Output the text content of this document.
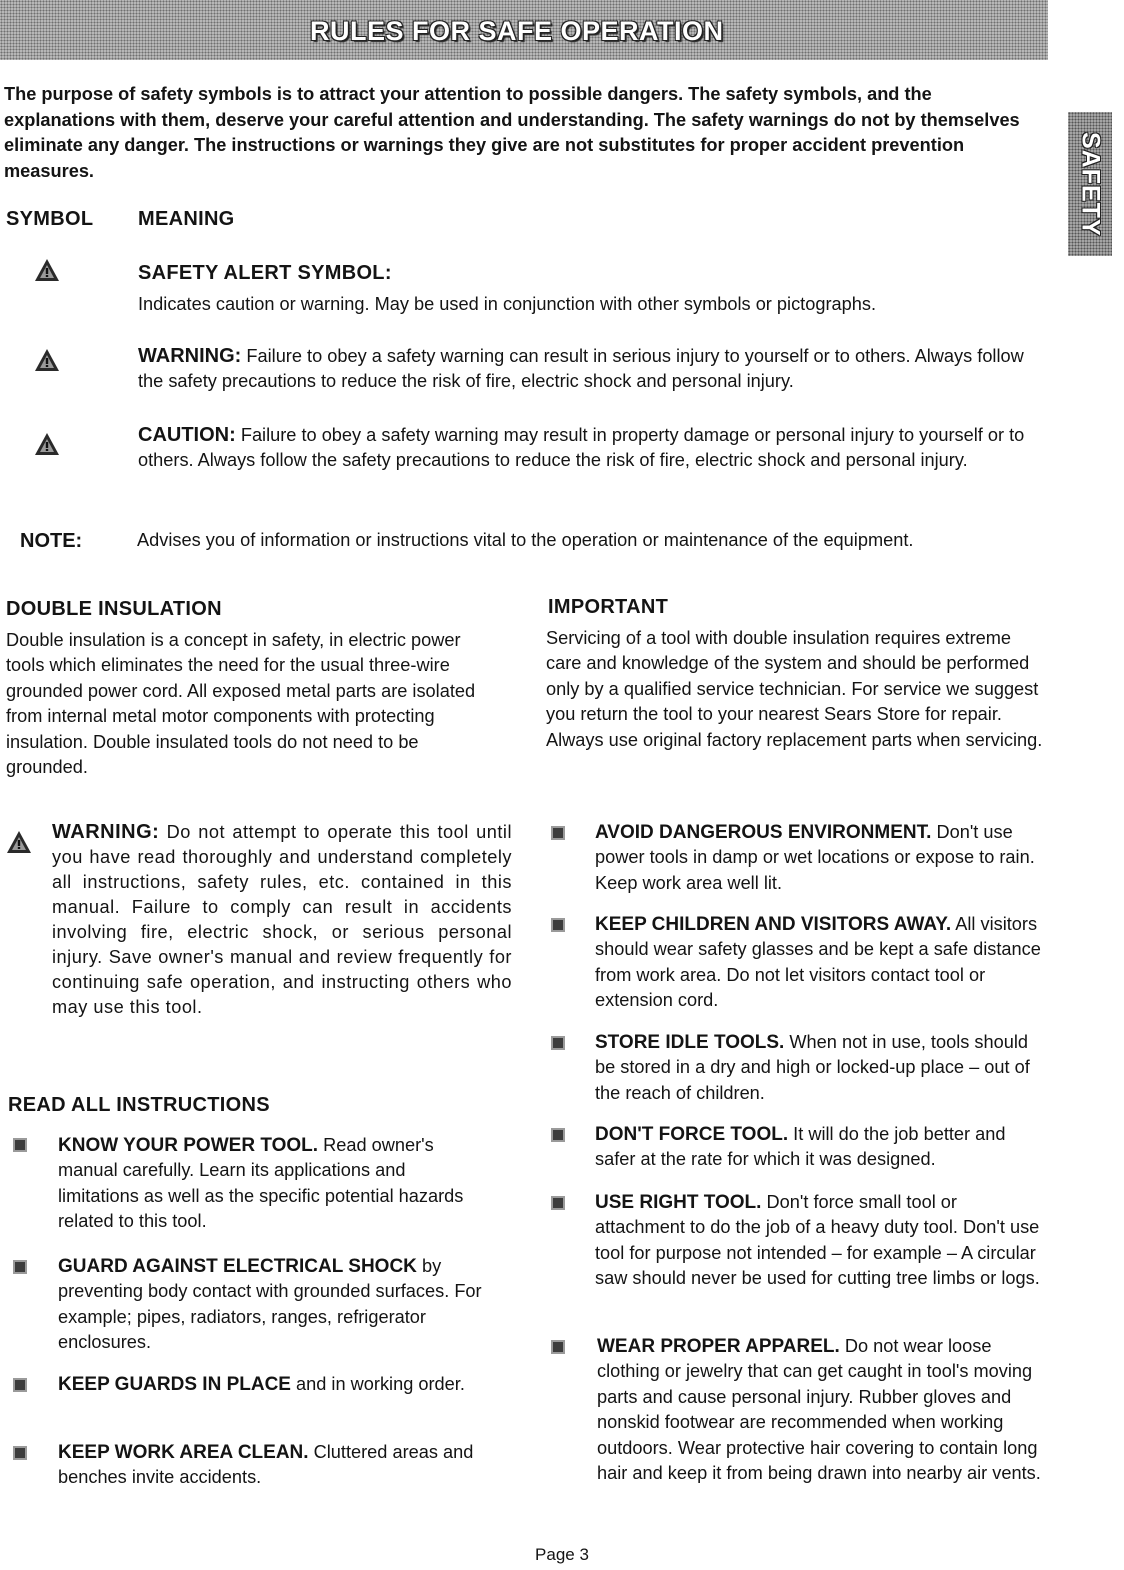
RULES FOR SAFE OPERATION
SAFETY
The purpose of safety symbols is to attract your attention to possible dangers. The safety symbols, and the explanations with them, deserve your careful attention and understanding. The safety warnings do not by themselves eliminate any danger. The instructions or warnings they give are not substitutes for proper accident prevention measures.
SYMBOL MEANING
SAFETY ALERT SYMBOL:
Indicates caution or warning. May be used in conjunction with other symbols or pictographs.
WARNING: Failure to obey a safety warning can result in serious injury to yourself or to others. Always follow the safety precautions to reduce the risk of fire, electric shock and personal injury.
CAUTION: Failure to obey a safety warning may result in property damage or personal injury to yourself or to others. Always follow the safety precautions to reduce the risk of fire, electric shock and personal injury.
NOTE:	Advises you of information or instructions vital to the operation or maintenance of the equipment.
DOUBLE INSULATION
Double insulation is a concept in safety, in electric power tools which eliminates the need for the usual three-wire grounded power cord. All exposed metal parts are isolated from internal metal motor components with protecting insulation. Double insulated tools do not need to be grounded.
IMPORTANT
Servicing of a tool with double insulation requires extreme care and knowledge of the system and should be performed only by a qualified service technician. For service we suggest you return the tool to your nearest Sears Store for repair. Always use original factory replacement parts when servicing.
WARNING: Do not attempt to operate this tool until you have read thoroughly and understand completely all instructions, safety rules, etc. contained in this manual. Failure to comply can result in accidents involving fire, electric shock, or serious personal injury. Save owner's manual and review frequently for continuing safe operation, and instructing others who may use this tool.
READ ALL INSTRUCTIONS
KNOW YOUR POWER TOOL. Read owner's manual carefully. Learn its applications and limitations as well as the specific potential hazards related to this tool.
GUARD AGAINST ELECTRICAL SHOCK by preventing body contact with grounded surfaces. For example; pipes, radiators, ranges, refrigerator enclosures.
KEEP GUARDS IN PLACE and in working order.
KEEP WORK AREA CLEAN. Cluttered areas and benches invite accidents.
AVOID DANGEROUS ENVIRONMENT. Don't use power tools in damp or wet locations or expose to rain. Keep work area well lit.
KEEP CHILDREN AND VISITORS AWAY. All visitors should wear safety glasses and be kept a safe distance from work area. Do not let visitors contact tool or extension cord.
STORE IDLE TOOLS. When not in use, tools should be stored in a dry and high or locked-up place – out of the reach of children.
DON'T FORCE TOOL. It will do the job better and safer at the rate for which it was designed.
USE RIGHT TOOL. Don't force small tool or attachment to do the job of a heavy duty tool. Don't use tool for purpose not intended – for example – A circular saw should never be used for cutting tree limbs or logs.
WEAR PROPER APPAREL. Do not wear loose clothing or jewelry that can get caught in tool's moving parts and cause personal injury. Rubber gloves and nonskid footwear are recommended when working outdoors. Wear protective hair covering to contain long hair and keep it from being drawn into nearby air vents.
Page 3
